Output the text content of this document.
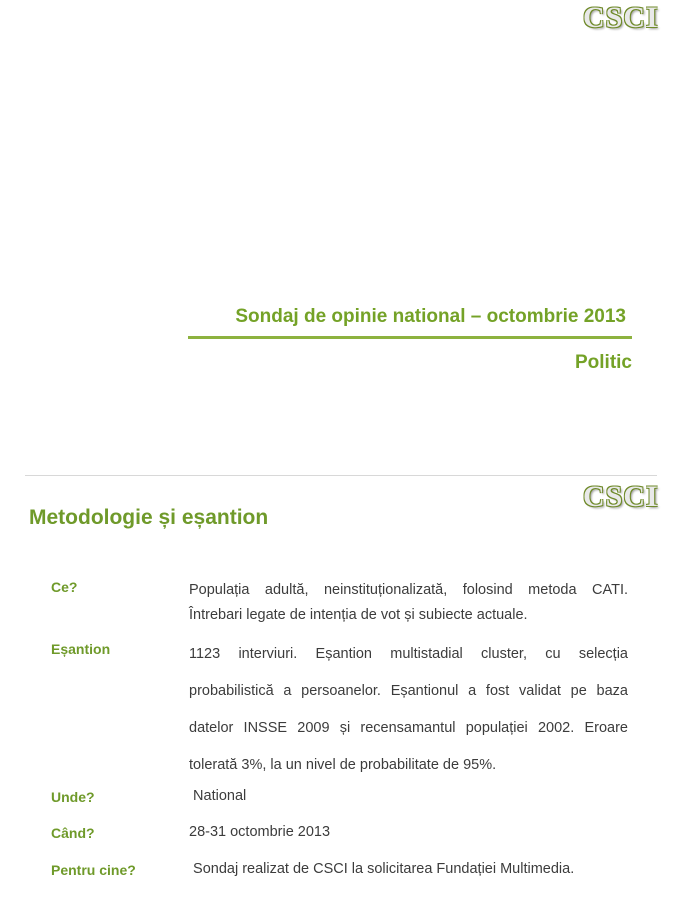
CSCI
Sondaj de opinie national – octombrie 2013
Politic
CSCI
Metodologie și eșantion
Ce?	Populația adultă, neinstituționalizată, folosind metoda CATI.
Întrebari legate de intenția de vot și subiecte actuale.
Eșantion	1123 interviuri. Eșantion multistadial cluster, cu selecția
probabilistică a persoanelor. Eșantionul a fost validat pe baza
datelor INSSE 2009 și recensamantul populației 2002. Eroare
tolerată 3%, la un nivel de probabilitate de 95%.
Unde?	National
Când?	28-31 octombrie 2013
Pentru cine?	Sondaj realizat de CSCI la solicitarea Fundației Multimedia.
